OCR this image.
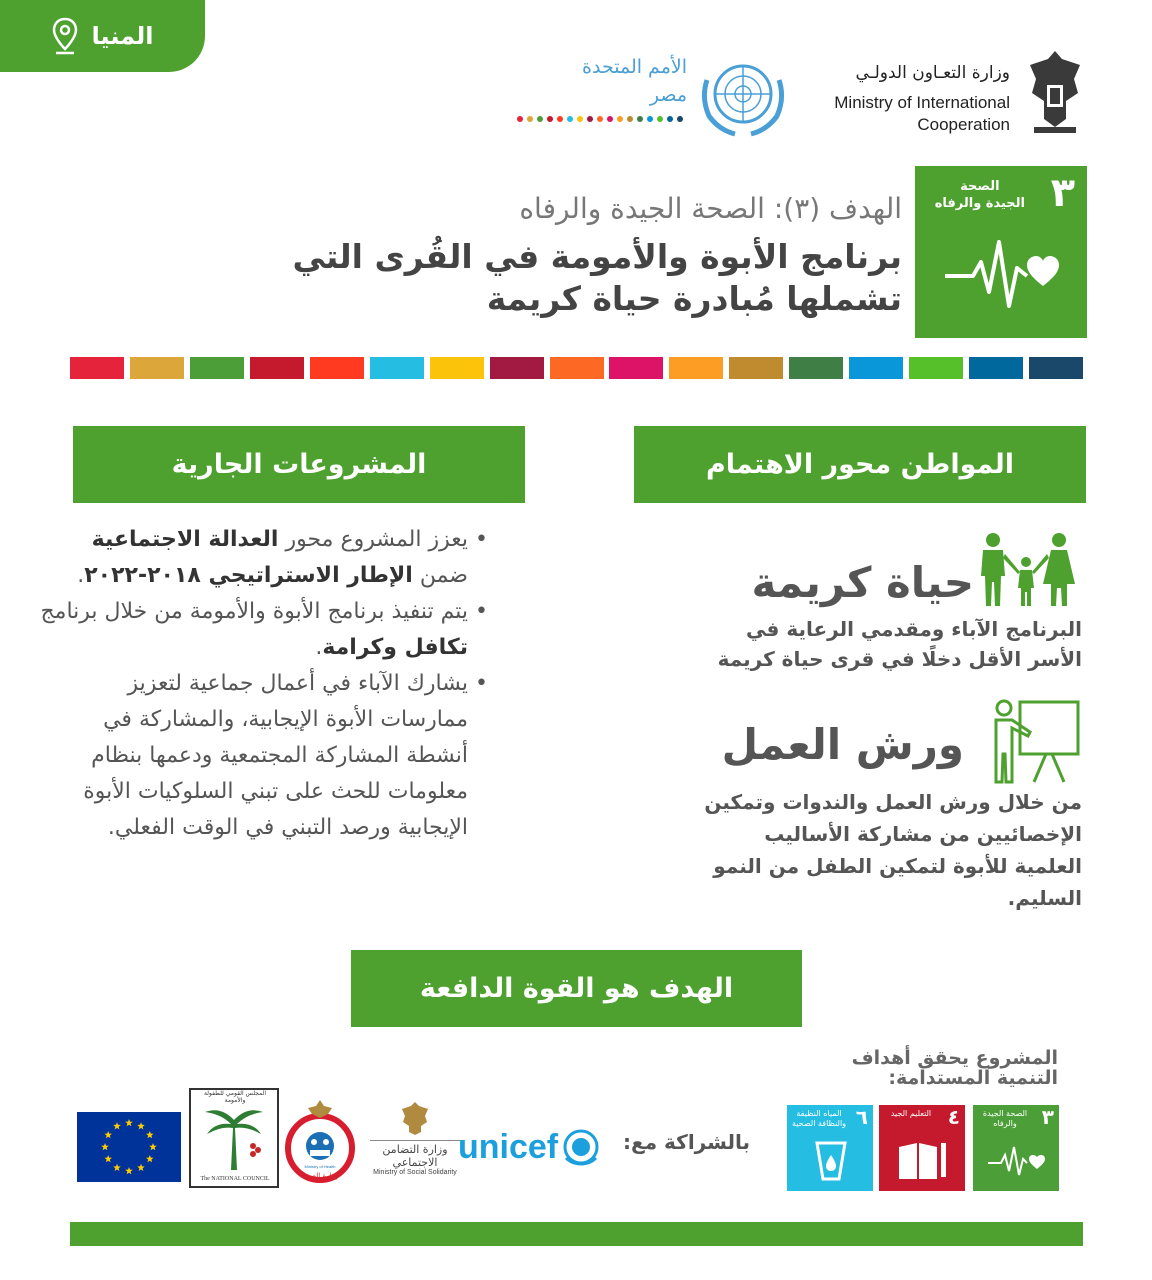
المنيا
وزارة التعـاون الدولـي
Ministry of International
Cooperation
الأمم المتحدة
مصر
٣
الصحة
الجيدة والرفاه
الهدف (٣): الصحة الجيدة والرفاه
برنامج الأبوة والأمومة في القُرى التي
تشملها مُبادرة حياة كريمة
المواطن محور الاهتمام
المشروعات الجارية
• يعزز المشروع محور العدالة الاجتماعية ضمن الإطار الاستراتيجي ٢٠١٨-٢٠٢٢.
• يتم تنفيذ برنامج الأبوة والأمومة من خلال برنامج تكافل وكرامة.
• يشارك الآباء في أعمال جماعية لتعزيز ممارسات الأبوة الإيجابية، والمشاركة في أنشطة المشاركة المجتمعية ودعمها بنظام معلومات للحث على تبني السلوكيات الأبوة الإيجابية ورصد التبني في الوقت الفعلي.
حياة كريمة
البرنامج الآباء ومقدمي الرعاية في
الأسر الأقل دخلًا في قرى حياة كريمة
ورش العمل
من خلال ورش العمل والندوات وتمكين
الإخصائيين من مشاركة الأساليب
العلمية للأبوة لتمكين الطفل من النمو
السليم.
الهدف هو القوة الدافعة
المشروع يحقق أهداف
التنمية المستدامة:
٣
الصحة الجيدة والرفاه
٤
التعليم الجيد
٦
المياه النظيفة والنظافة الصحية
بالشراكة مع:
unicef
وزارة التضامن الاجتماعي
Ministry of Social Solidarity
Ministry of Health
وزارة الصحة
المجلس القومي للطفولة والأمومة
The NATIONAL COUNCIL
